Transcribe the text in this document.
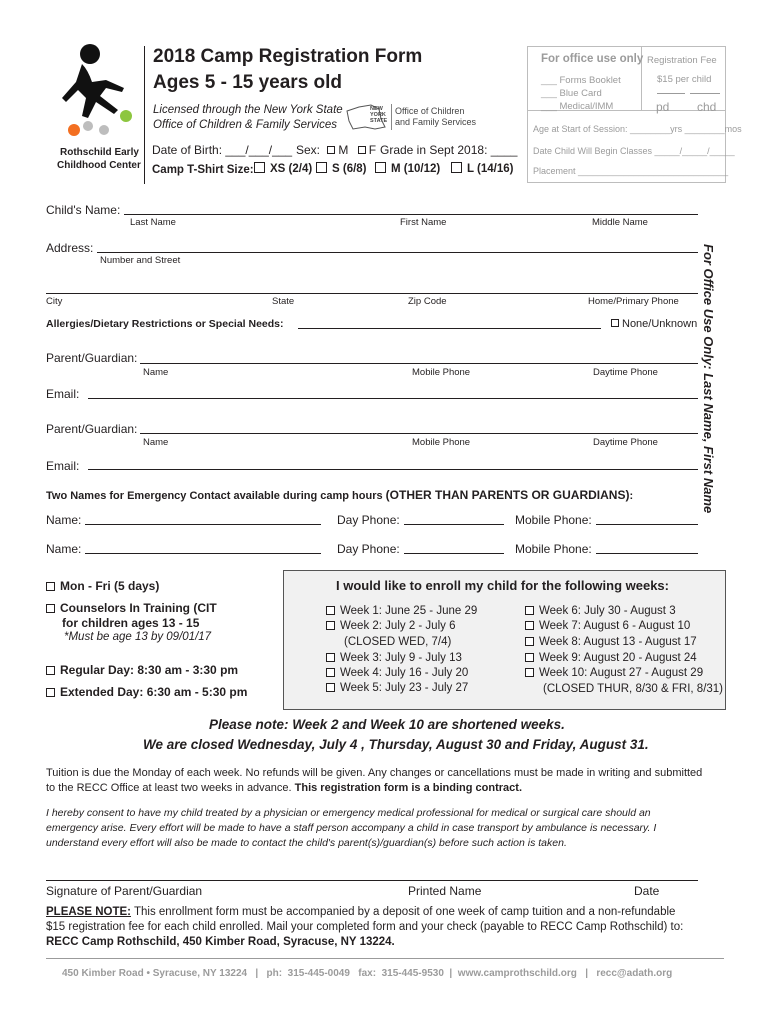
Rothschild Early
Childhood Center
2018 Camp Registration Form
Ages 5 - 15 years old
Licensed through the New York State
Office of Children & Family Services
NEW YORK STATE
Office of Children
and Family Services
Date of Birth: ___/___/___ Sex: M F Grade in Sept 2018: ____
Camp T-Shirt Size:	XS (2/4)	S (6/8)	M (10/12)	L (14/16)
For office use only
___ Forms Booklet
___ Blue Card
___ Medical/IMM
Registration Fee
$15 per child
pd chd
Age at Start of Session: ________yrs ________mos
Date Child Will Begin Classes _____/_____/_____
Placement ______________________________
For Office Use Only: Last Name, First Name
Child's Name:
Last Name	First Name	Middle Name
Address:
Number and Street
City	State	Zip Code	Home/Primary Phone
Allergies/Dietary Restrictions or Special Needs:	None/Unknown
Parent/Guardian:
Name	Mobile Phone	Daytime Phone
Email:
Parent/Guardian:
Name	Mobile Phone	Daytime Phone
Email:
Two Names for Emergency Contact available during camp hours (OTHER THAN PARENTS OR GUARDIANS):
Name:	Day Phone:	Mobile Phone:
Name:	Day Phone:	Mobile Phone:
Mon - Fri (5 days)
Counselors In Training (CIT
for children ages 13 - 15
*Must be age 13 by 09/01/17
Regular Day: 8:30 am - 3:30 pm
Extended Day: 6:30 am - 5:30 pm
I would like to enroll my child for the following weeks:
Week 1: June 25 - June 29
Week 2: July 2 - July 6
(CLOSED WED, 7/4)
Week 3: July 9 - July 13
Week 4: July 16 - July 20
Week 5: July 23 - July 27
Week 6: July 30 - August 3
Week 7: August 6 - August 10
Week 8: August 13 - August 17
Week 9: August 20 - August 24
Week 10: August 27 - August 29
(CLOSED THUR, 8/30 & FRI, 8/31)
Please note: Week 2 and Week 10 are shortened weeks.
We are closed Wednesday, July 4 , Thursday, August 30 and Friday, August 31.
Tuition is due the Monday of each week. No refunds will be given. Any changes or cancellations must be made in writing and submitted
to the RECC Office at least two weeks in advance. This registration form is a binding contract.
I hereby consent to have my child treated by a physician or emergency medical professional for medical or surgical care should an
emergency arise. Every effort will be made to have a staff person accompany a child in case transport by ambulance is necessary. I
understand every effort will also be made to contact the child's parent(s)/guardian(s) before such action is taken.
Signature of Parent/Guardian	Printed Name	Date
PLEASE NOTE: This enrollment form must be accompanied by a deposit of one week of camp tuition and a non-refundable
$15 registration fee for each child enrolled. Mail your completed form and your check (payable to RECC Camp Rothschild) to:
RECC Camp Rothschild, 450 Kimber Road, Syracuse, NY 13224.
450 Kimber Road • Syracuse, NY 13224   |   ph:  315-445-0049   fax:  315-445-9530  |  www.camprothschild.org   |   recc@adath.org
